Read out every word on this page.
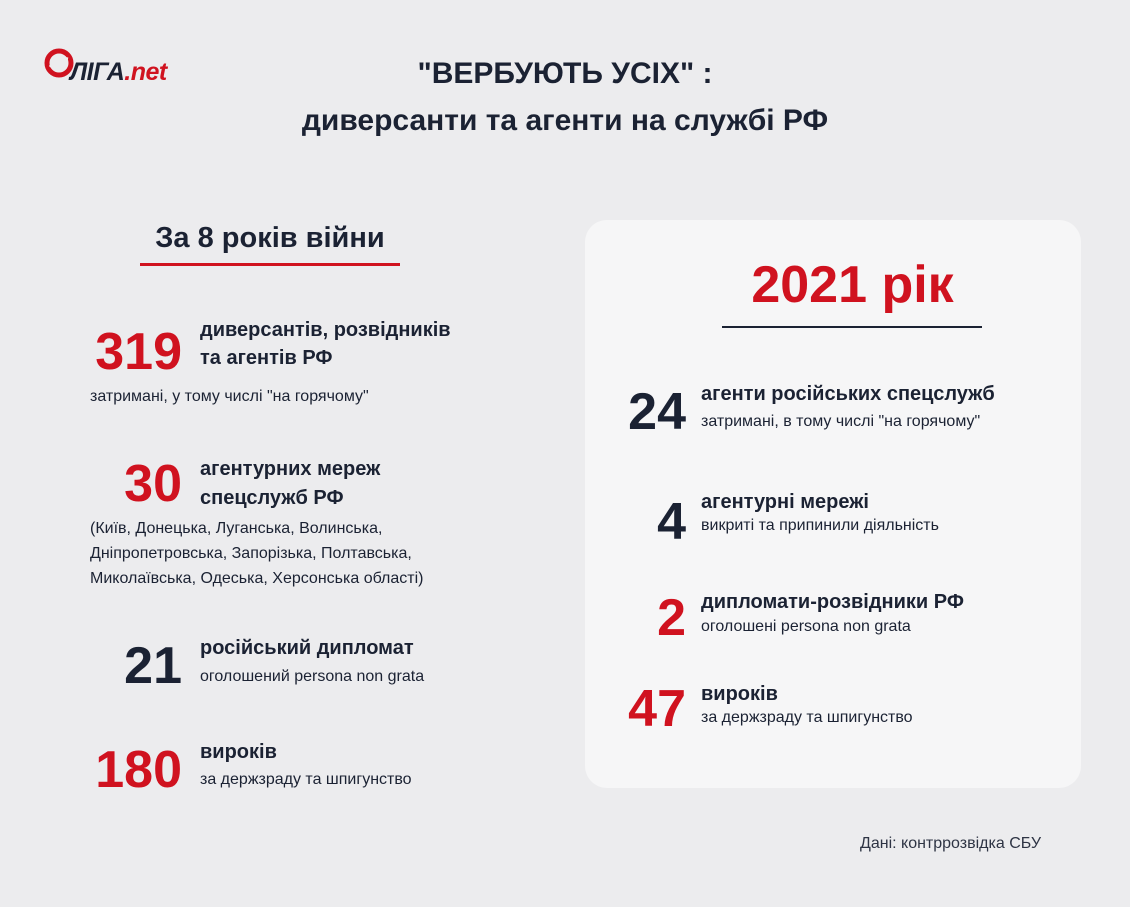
ЛІГА.net	"ВЕРБУЮТЬ УСІХ" :
диверсанти та агенти на службі РФ
За 8 років війни
319 диверсантів, розвідників
та агентів РФ
затримані, у тому числі "на горячому"
30 агентурних мереж
спецслужб РФ
(Київ, Донецька, Луганська, Волинська,
Дніпропетровська, Запорізька, Полтавська,
Миколаївська, Одеська, Херсонська області)
21 російський дипломат
оголошений persona non grata
180 вироків
за держзраду та шпигунство
2021 рік
24 агенти російських спецслужб
затримані, в тому числі "на горячому"
4 агентурні мережі
викриті та припинили діяльність
2 дипломати-розвідники РФ
оголошені persona non grata
47 вироків
за держзраду та шпигунство
Дані: контррозвідка СБУ
